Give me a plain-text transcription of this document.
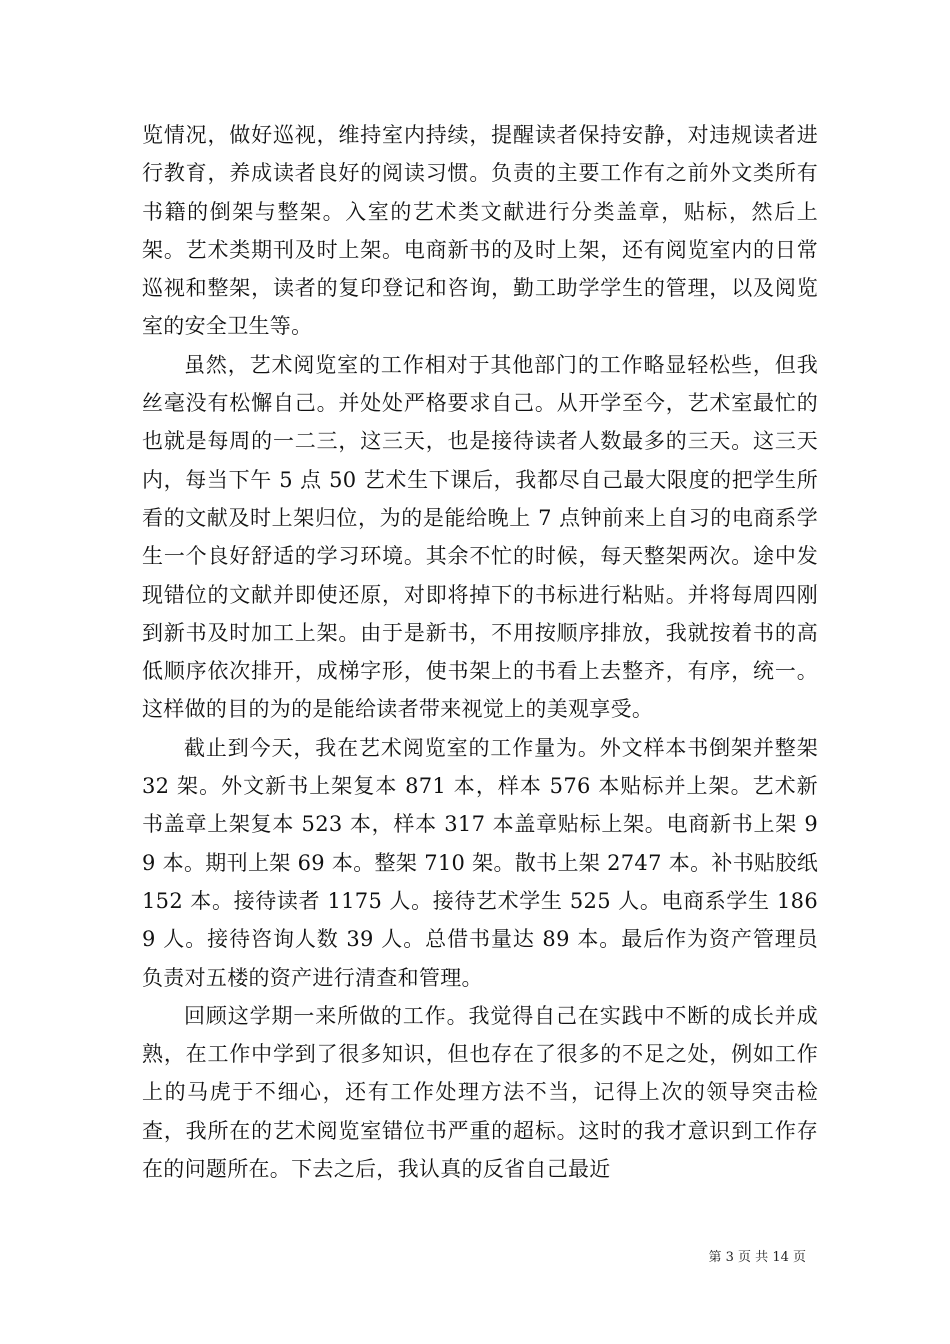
览情况，做好巡视，维持室内持续，提醒读者保持安静，对违规读者进行教育，养成读者良好的阅读习惯。负责的主要工作有之前外文类所有书籍的倒架与整架。入室的艺术类文献进行分类盖章，贴标，然后上架。艺术类期刊及时上架。电商新书的及时上架，还有阅览室内的日常巡视和整架，读者的复印登记和咨询，勤工助学学生的管理，以及阅览室的安全卫生等。

虽然，艺术阅览室的工作相对于其他部门的工作略显轻松些，但我丝毫没有松懈自己。并处处严格要求自己。从开学至今，艺术室最忙的也就是每周的一二三，这三天，也是接待读者人数最多的三天。这三天内，每当下午 5 点 50 艺术生下课后，我都尽自己最大限度的把学生所看的文献及时上架归位，为的是能给晚上 7 点钟前来上自习的电商系学生一个良好舒适的学习环境。其余不忙的时候，每天整架两次。途中发现错位的文献并即使还原，对即将掉下的书标进行粘贴。并将每周四刚到新书及时加工上架。由于是新书，不用按顺序排放，我就按着书的高低顺序依次排开，成梯字形，使书架上的书看上去整齐，有序，统一。这样做的目的为的是能给读者带来视觉上的美观享受。

截止到今天，我在艺术阅览室的工作量为。外文样本书倒架并整架 32 架。外文新书上架复本 871 本，样本 576 本贴标并上架。艺术新书盖章上架复本 523 本，样本 317 本盖章贴标上架。电商新书上架 99 本。期刊上架 69 本。整架 710 架。散书上架 2747 本。补书贴胶纸 152 本。接待读者 1175 人。接待艺术学生 525 人。电商系学生 1869 人。接待咨询人数 39 人。总借书量达 89 本。最后作为资产管理员负责对五楼的资产进行清查和管理。

回顾这学期一来所做的工作。我觉得自己在实践中不断的成长并成熟，在工作中学到了很多知识，但也存在了很多的不足之处，例如工作上的马虎于不细心，还有工作处理方法不当，记得上次的领导突击检查，我所在的艺术阅览室错位书严重的超标。这时的我才意识到工作存在的问题所在。下去之后，我认真的反省自己最近

第 3 页 共 14 页
